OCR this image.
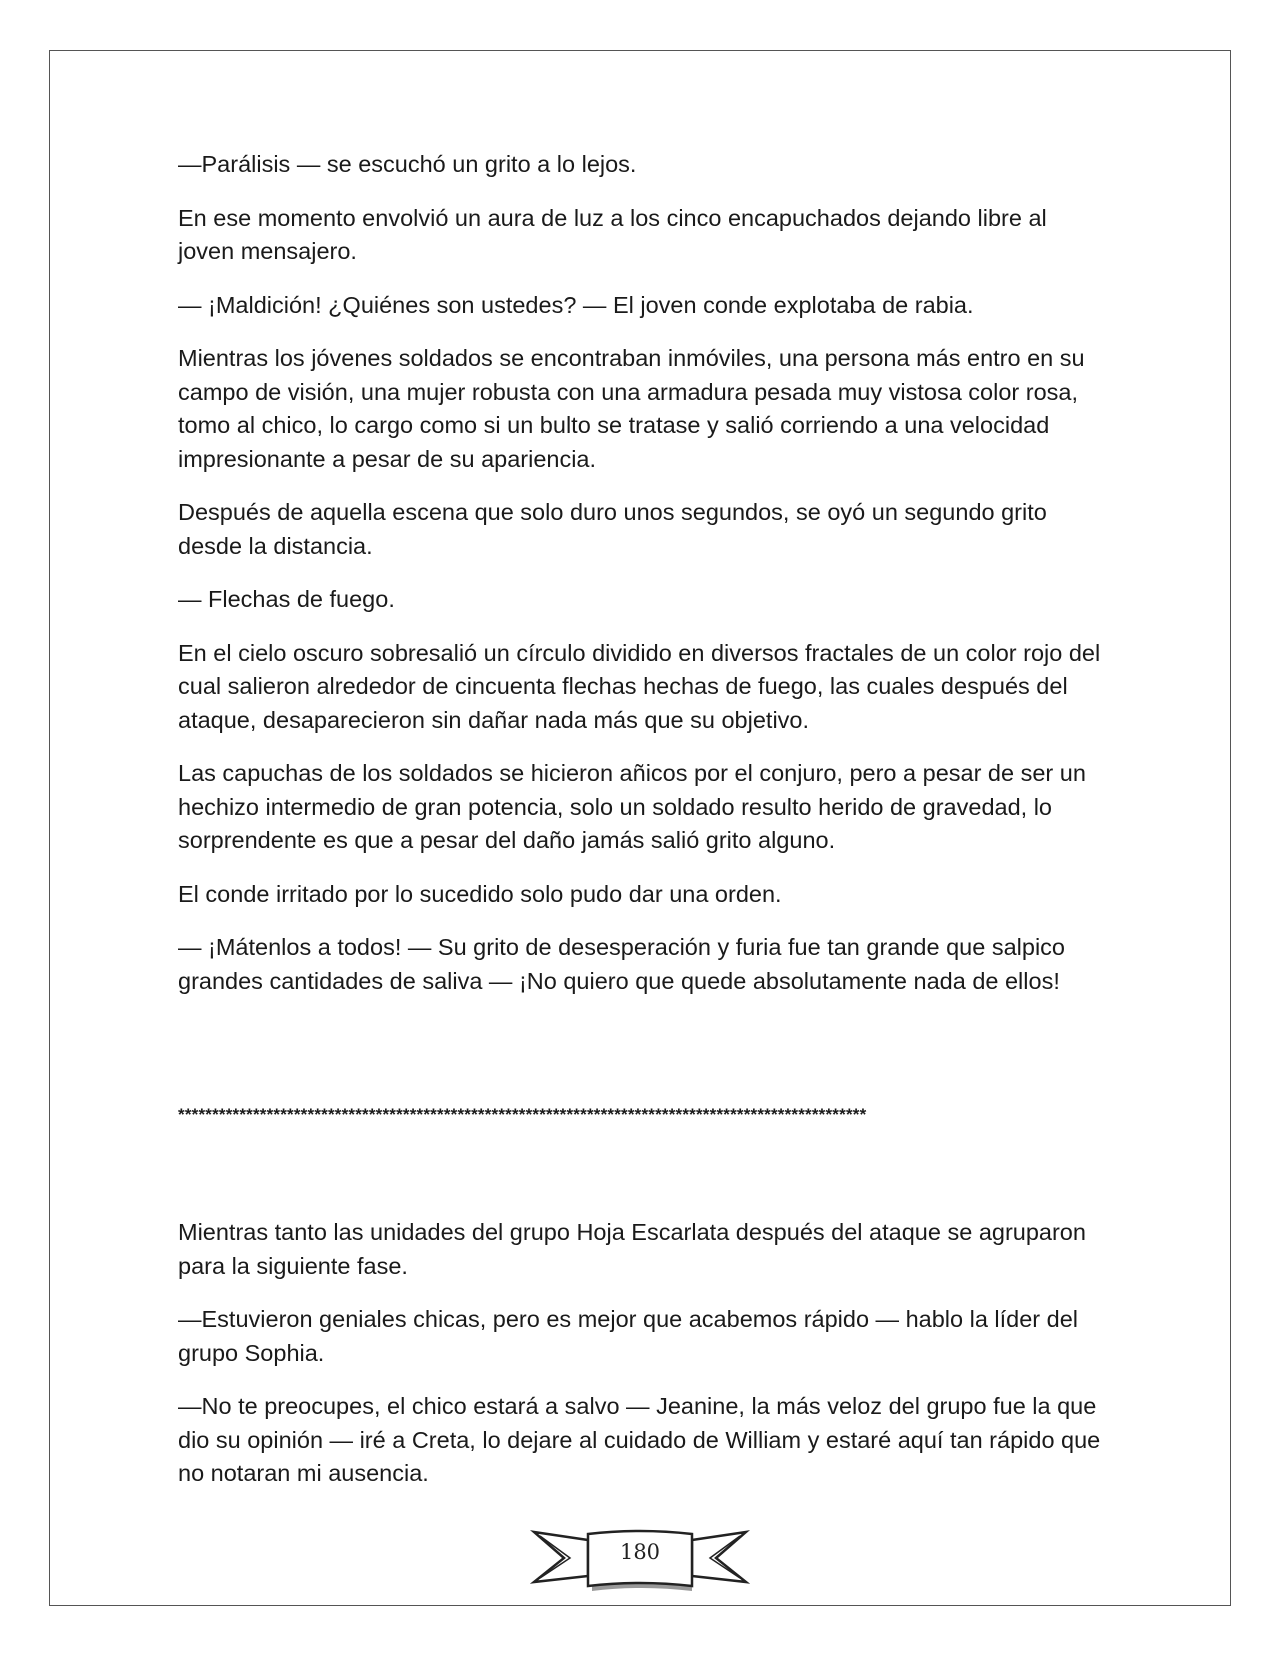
—Parálisis — se escuchó un grito a lo lejos.

En ese momento envolvió un aura de luz a los cinco encapuchados dejando libre al joven mensajero.

— ¡Maldición! ¿Quiénes son ustedes? — El joven conde explotaba de rabia.

Mientras los jóvenes soldados se encontraban inmóviles, una persona más entro en su campo de visión, una mujer robusta con una armadura pesada muy vistosa color rosa, tomo al chico, lo cargo como si un bulto se tratase y salió corriendo a una velocidad impresionante a pesar de su apariencia.

Después de aquella escena que solo duro unos segundos, se oyó un segundo grito desde la distancia.

— Flechas de fuego.

En el cielo oscuro sobresalió un círculo dividido en diversos fractales de un color rojo del cual salieron alrededor de cincuenta flechas hechas de fuego, las cuales después del ataque, desaparecieron sin dañar nada más que su objetivo.

Las capuchas de los soldados se hicieron añicos por el conjuro, pero a pesar de ser un hechizo intermedio de gran potencia, solo un soldado resulto herido de gravedad, lo sorprendente es que a pesar del daño jamás salió grito alguno.

El conde irritado por lo sucedido solo pudo dar una orden.

— ¡Mátenlos a todos! — Su grito de desesperación y furia fue tan grande que salpico grandes cantidades de saliva — ¡No quiero que quede absolutamente nada de ellos!

*****************************************************************************************************

Mientras tanto las unidades del grupo Hoja Escarlata después del ataque se agruparon para la siguiente fase.

—Estuvieron geniales chicas, pero es mejor que acabemos rápido — hablo la líder del grupo Sophia.

—No te preocupes, el chico estará a salvo — Jeanine, la más veloz del grupo fue la que dio su opinión — iré a Creta, lo dejare al cuidado de William y estaré aquí tan rápido que no notaran mi ausencia.

180
